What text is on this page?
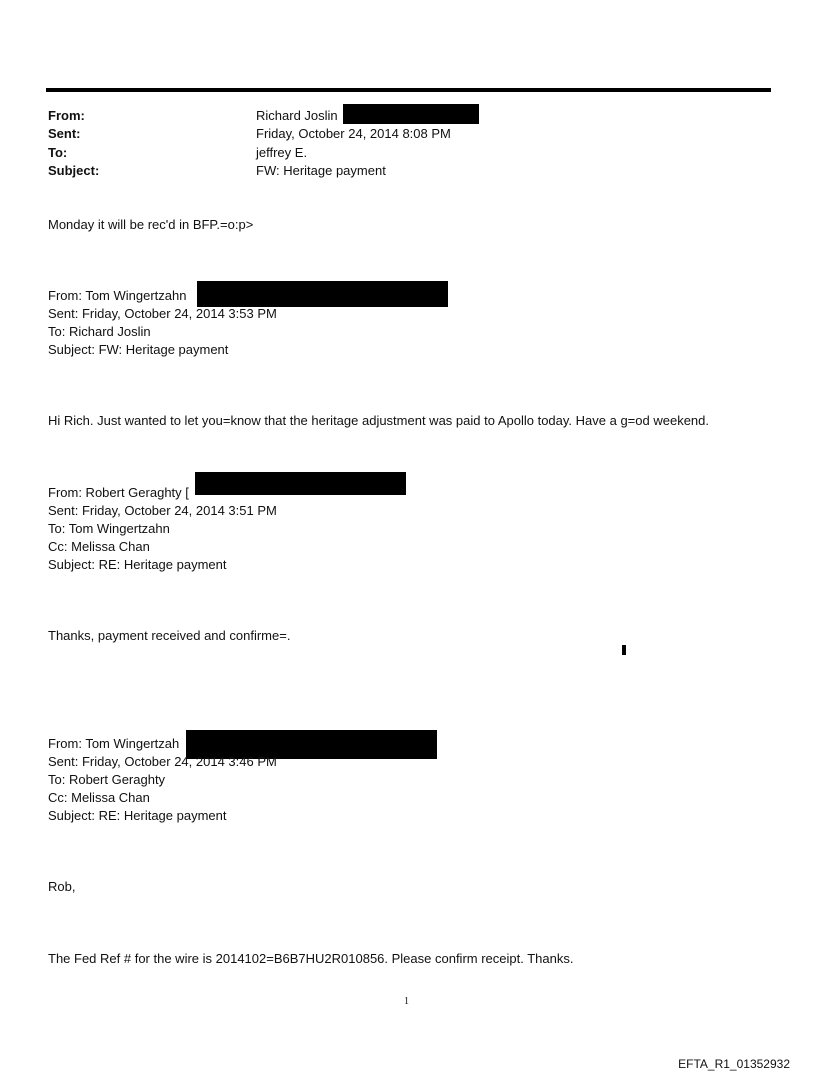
From:	Richard Joslin
Sent:	Friday, October 24, 2014 8:08 PM
To:	jeffrey E.
Subject:	FW: Heritage payment
Monday it will be rec'd in BFP.=o:p>
From: Tom Wingertzahn
Sent: Friday, October 24, 2014 3:53 PM
To: Richard Joslin
Subject: FW: Heritage payment
Hi Rich. Just wanted to let you=know that the heritage adjustment was paid to Apollo today. Have a g=od weekend.
From: Robert Geraghty [
Sent: Friday, October 24, 2014 3:51 PM
To: Tom Wingertzahn
Cc: Melissa Chan
Subject: RE: Heritage payment
Thanks, payment received and confirme=.
From: Tom Wingertzah
Sent: Friday, October 24, 2014 3:46 PM
To: Robert Geraghty
Cc: Melissa Chan
Subject: RE: Heritage payment
Rob,
The Fed Ref # for the wire is 2014102=B6B7HU2R010856. Please confirm receipt. Thanks.
1
EFTA_R1_01352932
